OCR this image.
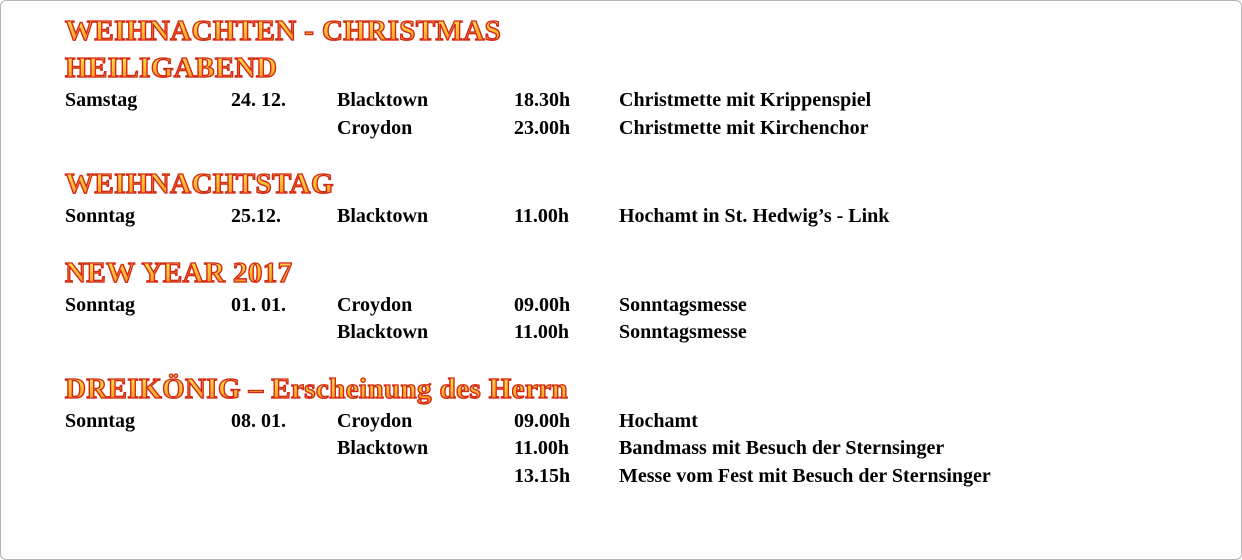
WEIHNACHTEN - CHRISTMAS
HEILIGABEND
Samstag	24. 12.	Blacktown	18.30h	Christmette mit Krippenspiel
Croydon	23.00h	Christmette mit Kirchenchor
WEIHNACHTSTAG
Sonntag	25.12.	Blacktown	11.00h	Hochamt in St. Hedwig’s - Link
NEW YEAR 2017
Sonntag	01. 01.	Croydon	09.00h	Sonntagsmesse
Blacktown	11.00h	Sonntagsmesse
DREIKÖNIG – Erscheinung des Herrn
Sonntag	08. 01.	Croydon	09.00h	Hochamt
Blacktown	11.00h	Bandmass mit Besuch der Sternsinger
13.15h	Messe vom Fest mit Besuch der Sternsinger
